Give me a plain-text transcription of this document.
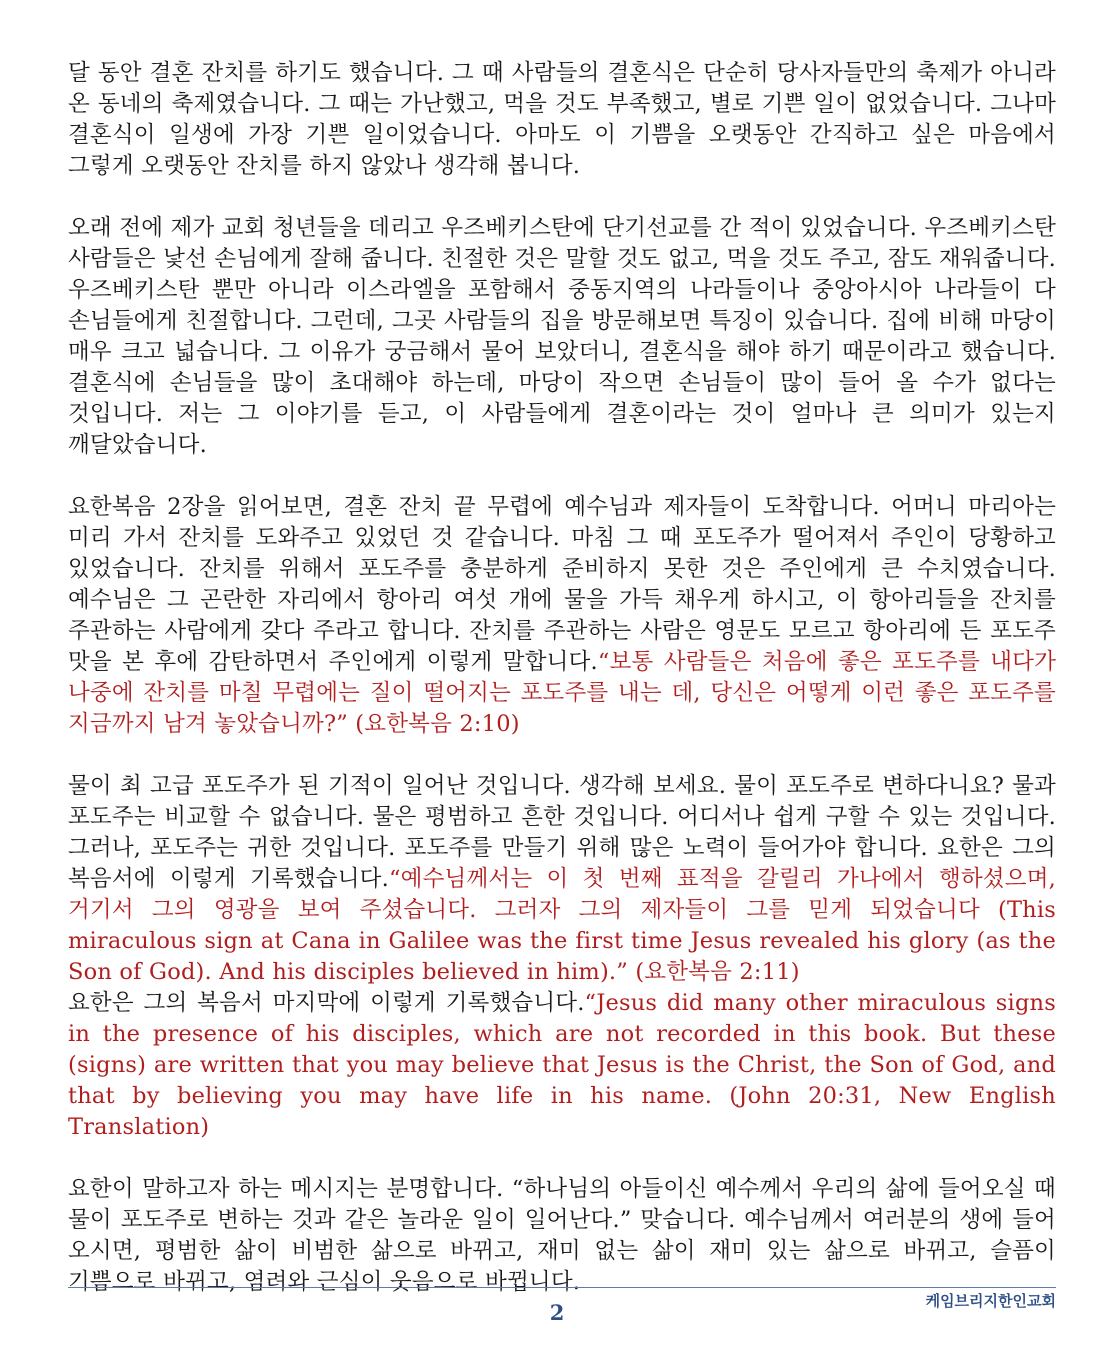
달 동안 결혼 잔치를 하기도 했습니다. 그 때 사람들의 결혼식은 단순히 당사자들만의 축제가 아니라 온 동네의 축제였습니다. 그 때는 가난했고, 먹을 것도 부족했고, 별로 기쁜 일이 없었습니다. 그나마 결혼식이 일생에 가장 기쁜 일이었습니다. 아마도 이 기쁨을 오랫동안 간직하고 싶은 마음에서 그렇게 오랫동안 잔치를 하지 않았나 생각해 봅니다.

오래 전에 제가 교회 청년들을 데리고 우즈베키스탄에 단기선교를 간 적이 있었습니다. 우즈베키스탄 사람들은 낯선 손님에게 잘해 줍니다. 친절한 것은 말할 것도 없고, 먹을 것도 주고, 잠도 재워줍니다. 우즈베키스탄 뿐만 아니라 이스라엘을 포함해서 중동지역의 나라들이나 중앙아시아 나라들이 다 손님들에게 친절합니다. 그런데, 그곳 사람들의 집을 방문해보면 특징이 있습니다. 집에 비해 마당이 매우 크고 넓습니다. 그 이유가 궁금해서 물어 보았더니, 결혼식을 해야 하기 때문이라고 했습니다. 결혼식에 손님들을 많이 초대해야 하는데, 마당이 작으면 손님들이 많이 들어 올 수가 없다는 것입니다. 저는 그 이야기를 듣고, 이 사람들에게 결혼이라는 것이 얼마나 큰 의미가 있는지 깨달았습니다.

요한복음 2장을 읽어보면, 결혼 잔치 끝 무렵에 예수님과 제자들이 도착합니다. 어머니 마리아는 미리 가서 잔치를 도와주고 있었던 것 같습니다. 마침 그 때 포도주가 떨어져서 주인이 당황하고 있었습니다. 잔치를 위해서 포도주를 충분하게 준비하지 못한 것은 주인에게 큰 수치였습니다. 예수님은 그 곤란한 자리에서 항아리 여섯 개에 물을 가득 채우게 하시고, 이 항아리들을 잔치를 주관하는 사람에게 갖다 주라고 합니다. 잔치를 주관하는 사람은 영문도 모르고 항아리에 든 포도주 맛을 본 후에 감탄하면서 주인에게 이렇게 말합니다.“보통 사람들은 처음에 좋은 포도주를 내다가 나중에 잔치를 마칠 무렵에는 질이 떨어지는 포도주를 내는 데, 당신은 어떻게 이런 좋은 포도주를 지금까지 남겨 놓았습니까?” (요한복음 2:10)

물이 최 고급 포도주가 된 기적이 일어난 것입니다. 생각해 보세요. 물이 포도주로 변하다니요? 물과 포도주는 비교할 수 없습니다. 물은 평범하고 흔한 것입니다. 어디서나 쉽게 구할 수 있는 것입니다. 그러나, 포도주는 귀한 것입니다. 포도주를 만들기 위해 많은 노력이 들어가야 합니다. 요한은 그의 복음서에 이렇게 기록했습니다.“예수님께서는 이 첫 번째 표적을 갈릴리 가나에서 행하셨으며, 거기서 그의 영광을 보여 주셨습니다. 그러자 그의 제자들이 그를 믿게 되었습니다 (This miraculous sign at Cana in Galilee was the first time Jesus revealed his glory (as the Son of God). And his disciples believed in him).” (요한복음 2:11)

요한은 그의 복음서 마지막에 이렇게 기록했습니다.“Jesus did many other miraculous signs in the presence of his disciples, which are not recorded in this book. But these (signs) are written that you may believe that Jesus is the Christ, the Son of God, and that by believing you may have life in his name. (John 20:31, New English Translation)

요한이 말하고자 하는 메시지는 분명합니다. “하나님의 아들이신 예수께서 우리의 삶에 들어오실 때 물이 포도주로 변하는 것과 같은 놀라운 일이 일어난다.” 맞습니다. 예수님께서 여러분의 생에 들어 오시면, 평범한 삶이 비범한 삶으로 바뀌고, 재미 없는 삶이 재미 있는 삶으로 바뀌고, 슬픔이 기쁨으로 바뀌고, 염려와 근심이 웃음으로 바뀝니다.

케임브리지한인교회
2
